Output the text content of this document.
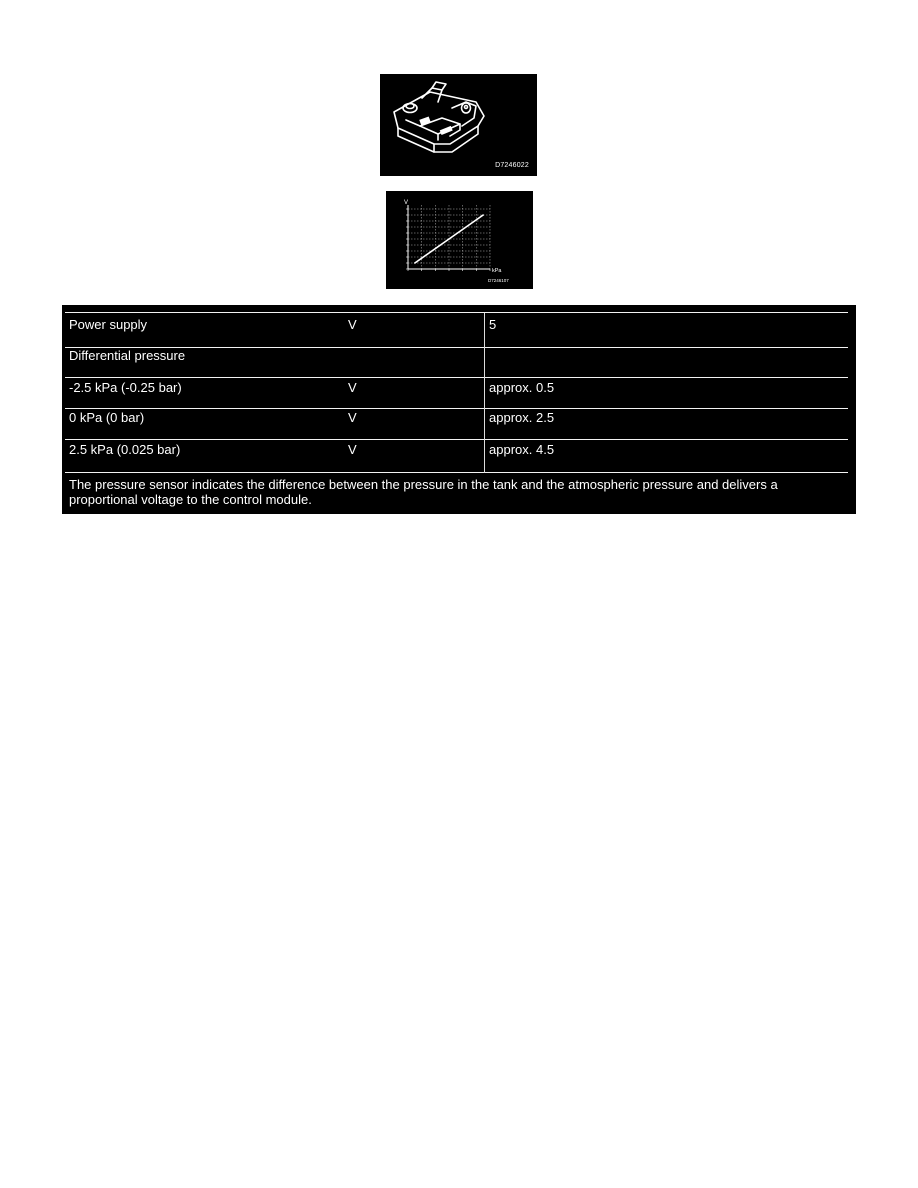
D7246022
V
kPa
D7246107
Power supply	V	5
Differential pressure
-2.5 kPa (-0.25 bar)	V	approx. 0.5
0 kPa (0 bar)	V	approx. 2.5
2.5 kPa (0.025 bar)	V	approx. 4.5
The pressure sensor indicates the difference between the pressure in the tank and the atmospheric pressure and delivers a proportional voltage to the control module.
